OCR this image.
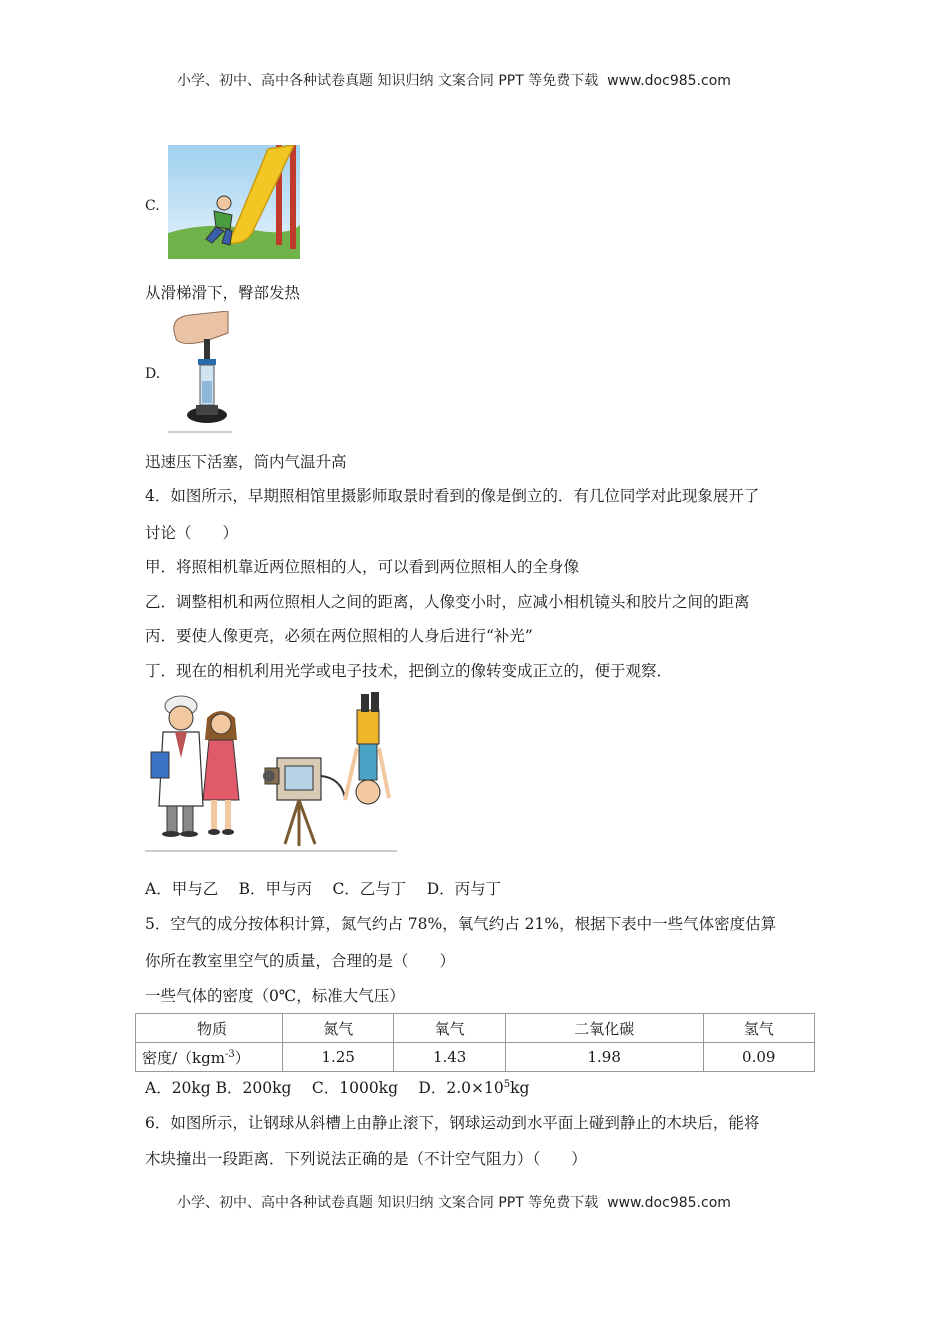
小学、初中、高中各种试卷真题 知识归纳 文案合同 PPT 等免费下载 www.doc985.com
C.
从滑梯滑下，臀部发热
D.
迅速压下活塞，筒内气温升高
4．如图所示，早期照相馆里摄影师取景时看到的像是倒立的．有几位同学对此现象展开了
讨论（　　）
甲．将照相机靠近两位照相的人，可以看到两位照相人的全身像
乙．调整相机和两位照相人之间的距离，人像变小时，应减小相机镜头和胶片之间的距离
丙．要使人像更亮，必须在两位照相的人身后进行“补光”
丁．现在的相机利用光学或电子技术，把倒立的像转变成正立的，便于观察．
A．甲与乙　 B．甲与丙　 C．乙与丁　 D．丙与丁
5．空气的成分按体积计算，氮气约占 78%，氧气约占 21%，根据下表中一些气体密度估算
你所在教室里空气的质量，合理的是（　　）
一些气体的密度（0℃，标准大气压）
物质	氮气	氧气	二氧化碳	氢气
密度/（kgm$^{-3}$）	1.25	1.43	1.98	0.09
A．20kg B．200kg　 C．1000kg　 D．$2.0\times 10^5kg$
6．如图所示，让钢球从斜槽上由静止滚下，钢球运动到水平面上碰到静止的木块后，能将
木块撞出一段距离．下列说法正确的是（不计空气阻力）（　　）
小学、初中、高中各种试卷真题 知识归纳 文案合同 PPT 等免费下载 www.doc985.com
